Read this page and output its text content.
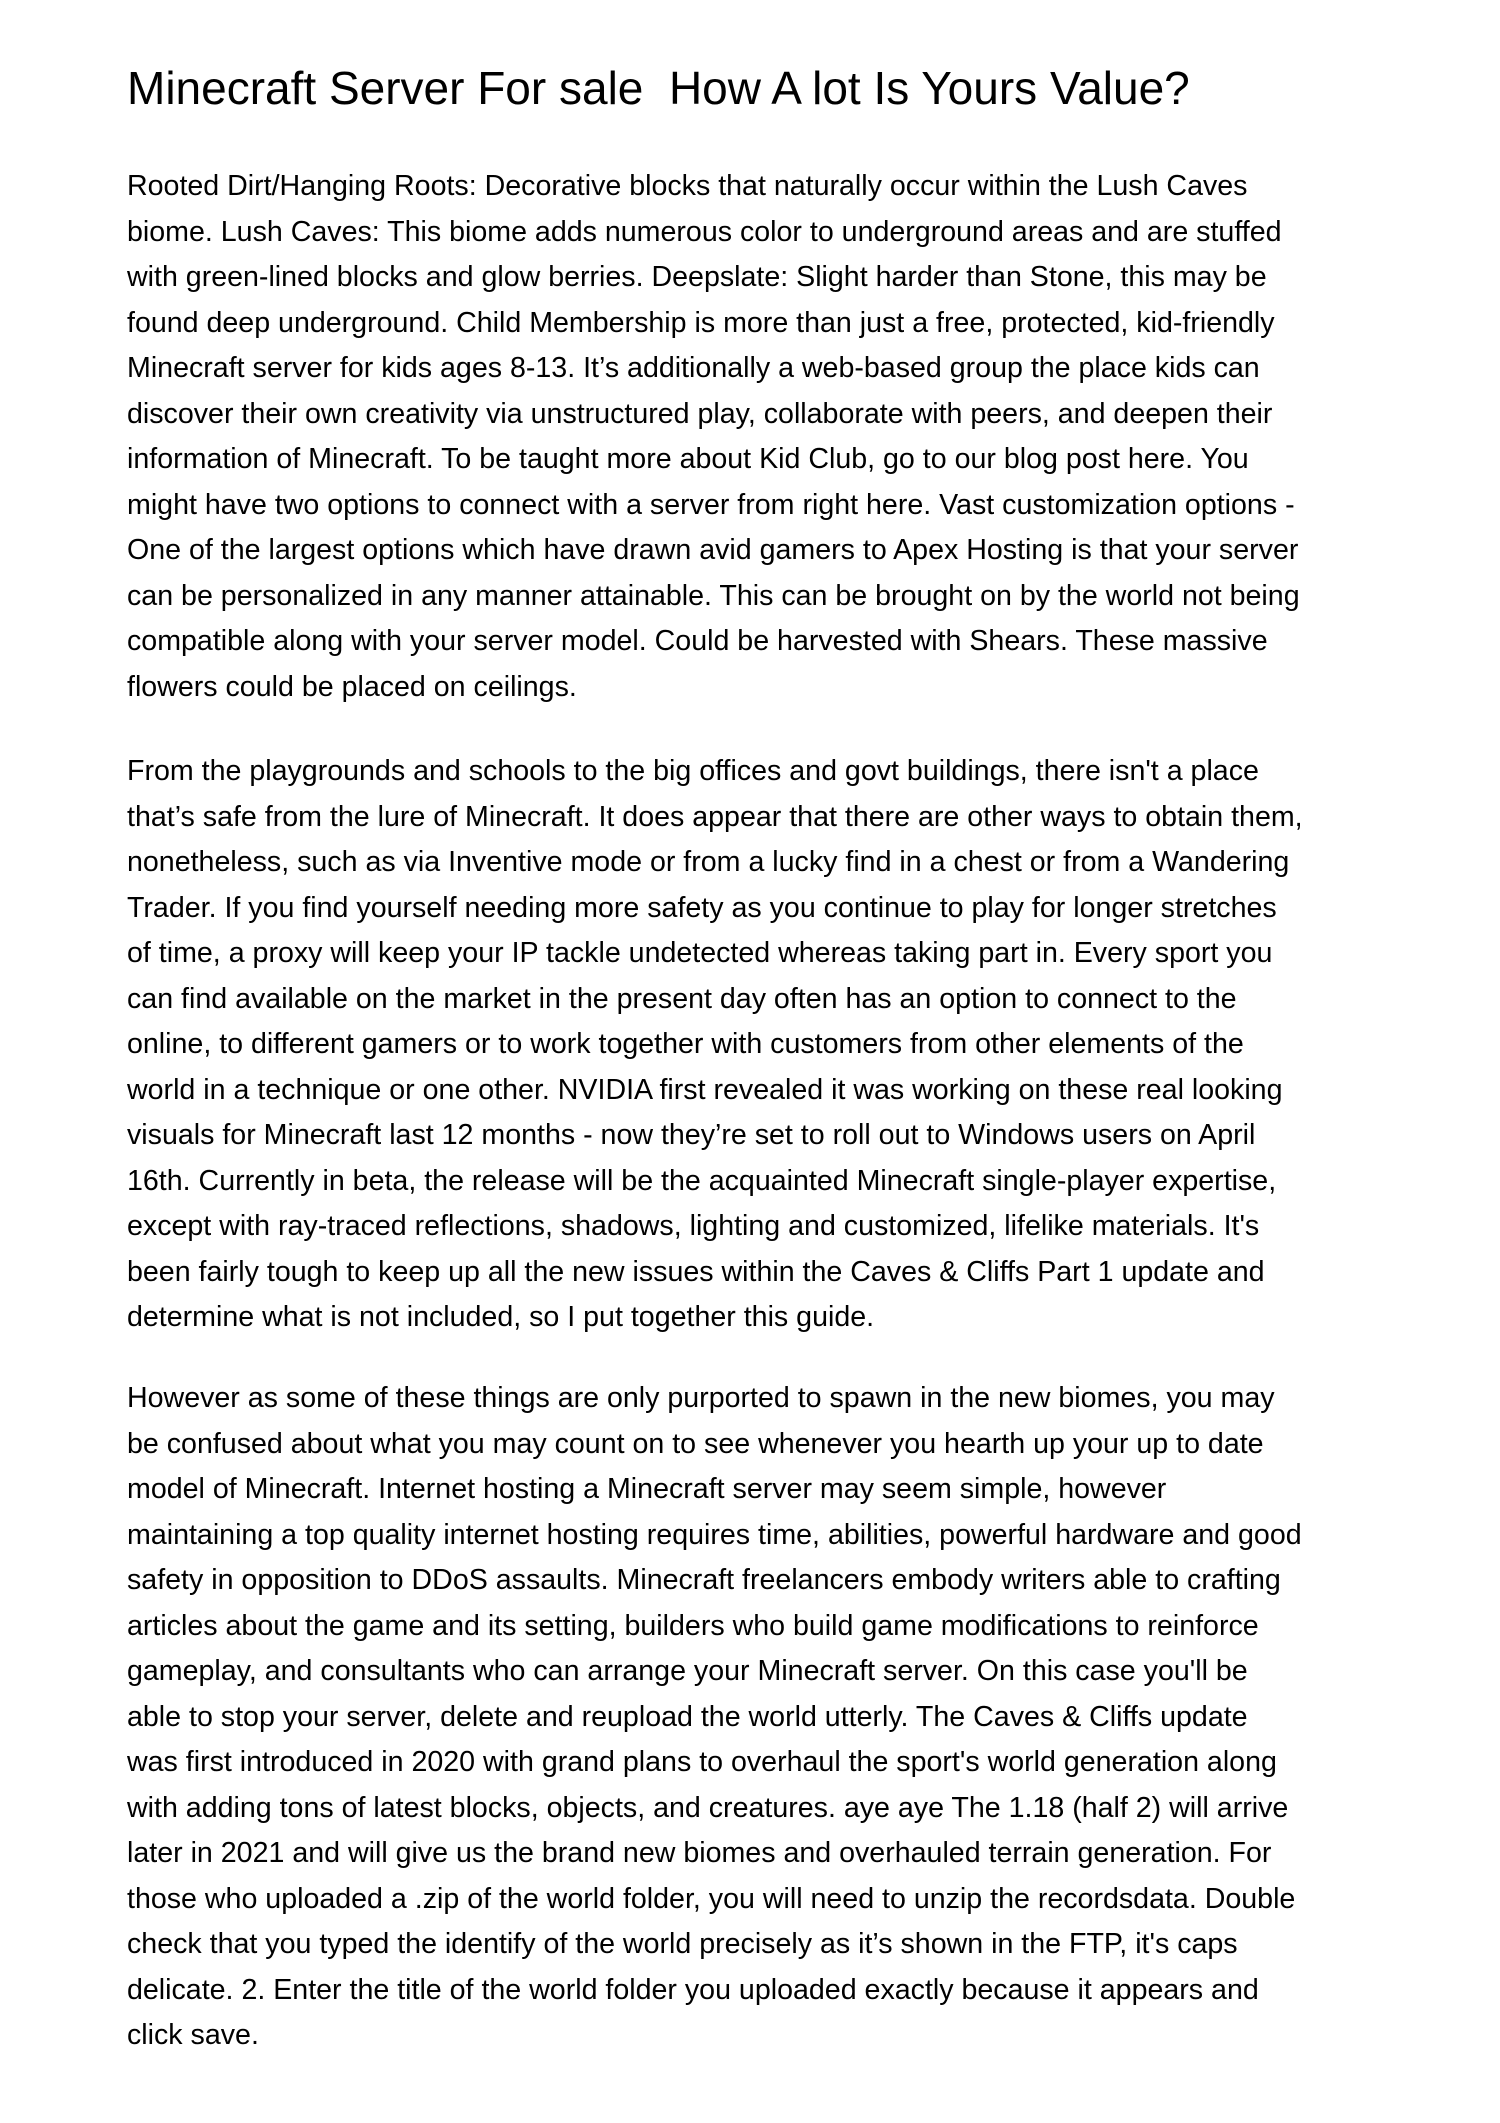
Minecraft Server For sale  How A lot Is Yours Value?
Rooted Dirt/Hanging Roots: Decorative blocks that naturally occur within the Lush Caves
biome. Lush Caves: This biome adds numerous color to underground areas and are stuffed
with green-lined blocks and glow berries. Deepslate: Slight harder than Stone, this may be
found deep underground. Child Membership is more than just a free, protected, kid-friendly
Minecraft server for kids ages 8-13. It’s additionally a web-based group the place kids can
discover their own creativity via unstructured play, collaborate with peers, and deepen their
information of Minecraft. To be taught more about Kid Club, go to our blog post here. You
might have two options to connect with a server from right here. Vast customization options -
One of the largest options which have drawn avid gamers to Apex Hosting is that your server
can be personalized in any manner attainable. This can be brought on by the world not being
compatible along with your server model. Could be harvested with Shears. These massive
flowers could be placed on ceilings.
From the playgrounds and schools to the big offices and govt buildings, there isn't a place
that’s safe from the lure of Minecraft. It does appear that there are other ways to obtain them,
nonetheless, such as via Inventive mode or from a lucky find in a chest or from a Wandering
Trader. If you find yourself needing more safety as you continue to play for longer stretches
of time, a proxy will keep your IP tackle undetected whereas taking part in. Every sport you
can find available on the market in the present day often has an option to connect to the
online, to different gamers or to work together with customers from other elements of the
world in a technique or one other. NVIDIA first revealed it was working on these real looking
visuals for Minecraft last 12 months - now they’re set to roll out to Windows users on April
16th. Currently in beta, the release will be the acquainted Minecraft single-player expertise,
except with ray-traced reflections, shadows, lighting and customized, lifelike materials. It's
been fairly tough to keep up all the new issues within the Caves & Cliffs Part 1 update and
determine what is not included, so I put together this guide.
However as some of these things are only purported to spawn in the new biomes, you may
be confused about what you may count on to see whenever you hearth up your up to date
model of Minecraft. Internet hosting a Minecraft server may seem simple, however
maintaining a top quality internet hosting requires time, abilities, powerful hardware and good
safety in opposition to DDoS assaults. Minecraft freelancers embody writers able to crafting
articles about the game and its setting, builders who build game modifications to reinforce
gameplay, and consultants who can arrange your Minecraft server. On this case you'll be
able to stop your server, delete and reupload the world utterly. The Caves & Cliffs update
was first introduced in 2020 with grand plans to overhaul the sport's world generation along
with adding tons of latest blocks, objects, and creatures. aye aye The 1.18 (half 2) will arrive
later in 2021 and will give us the brand new biomes and overhauled terrain generation. For
those who uploaded a .zip of the world folder, you will need to unzip the recordsdata. Double
check that you typed the identify of the world precisely as it’s shown in the FTP, it's caps
delicate. 2. Enter the title of the world folder you uploaded exactly because it appears and
click save.
